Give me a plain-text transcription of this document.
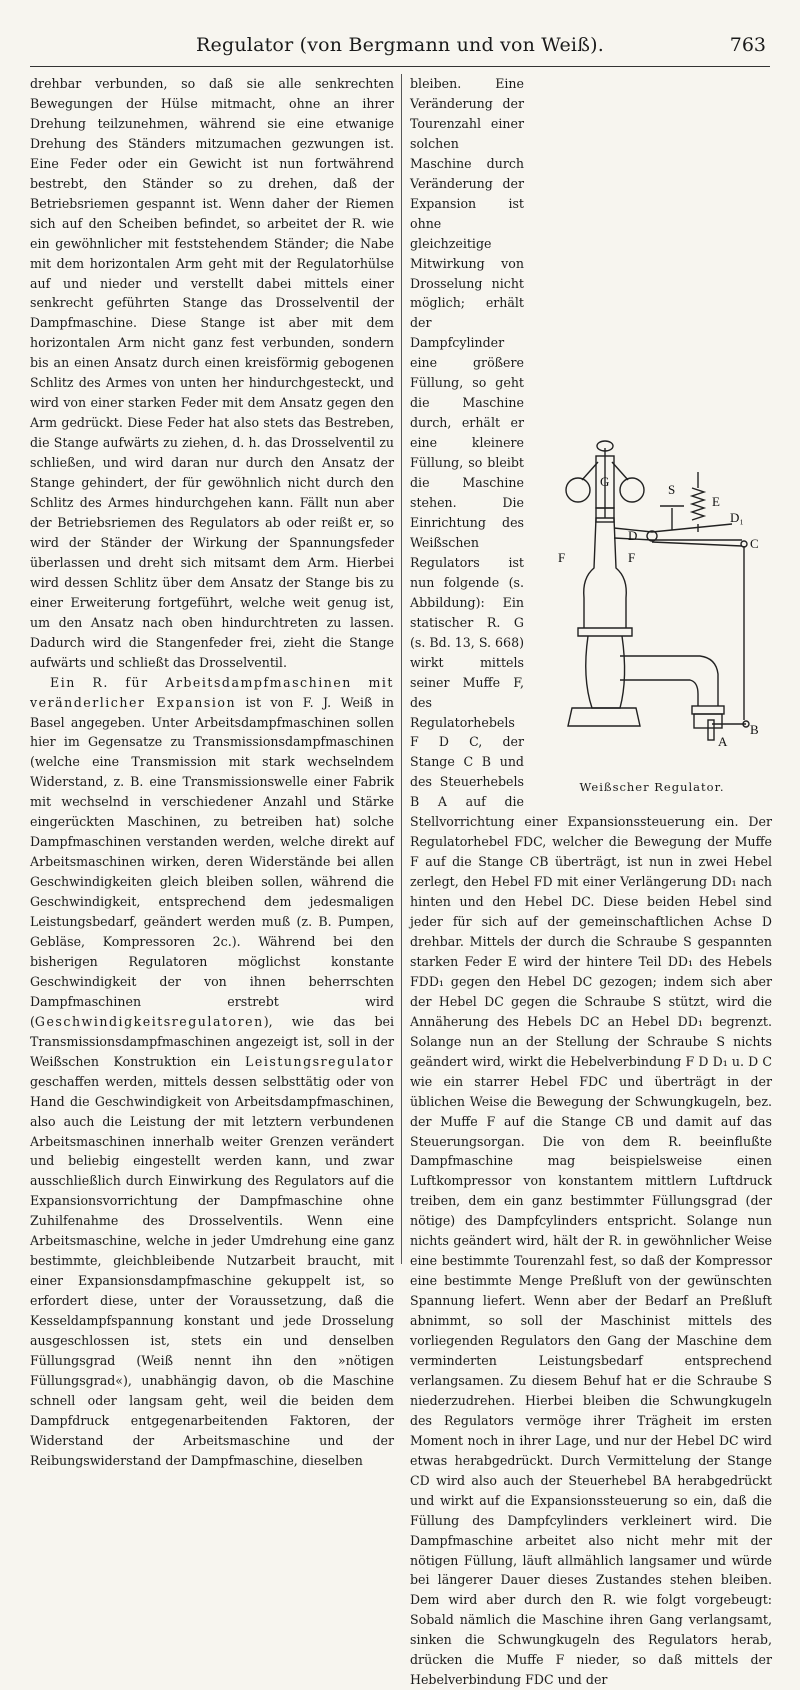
Regulator (von Bergmann und von Weiß).	763

drehbar verbunden, so daß sie alle senkrechten Bewegungen der Hülse mitmacht, ohne an ihrer Drehung teilzunehmen, während sie eine etwanige Drehung des Ständers mitzumachen gezwungen ist. Eine Feder oder ein Gewicht ist nun fortwährend bestrebt, den Ständer so zu drehen, daß der Betriebsriemen gespannt ist. Wenn daher der Riemen sich auf den Scheiben befindet, so arbeitet der R. wie ein gewöhnlicher mit feststehendem Ständer; die Nabe mit dem horizontalen Arm geht mit der Regulatorhülse auf und nieder und verstellt dabei mittels einer senkrecht geführten Stange das Drosselventil der Dampfmaschine. Diese Stange ist aber mit dem horizontalen Arm nicht ganz fest verbunden, sondern bis an einen Ansatz durch einen kreisförmig gebogenen Schlitz des Armes von unten her hindurchgesteckt, und wird von einer starken Feder mit dem Ansatz gegen den Arm gedrückt. Diese Feder hat also stets das Bestreben, die Stange aufwärts zu ziehen, d. h. das Drosselventil zu schließen, und wird daran nur durch den Ansatz der Stange gehindert, der für gewöhnlich nicht durch den Schlitz des Armes hindurchgehen kann. Fällt nun aber der Betriebsriemen des Regulators ab oder reißt er, so wird der Ständer der Wirkung der Spannungsfeder überlassen und dreht sich mitsamt dem Arm. Hierbei wird dessen Schlitz über dem Ansatz der Stange bis zu einer Erweiterung fortgeführt, welche weit genug ist, um den Ansatz nach oben hindurchtreten zu lassen. Dadurch wird die Stangenfeder frei, zieht die Stange aufwärts und schließt das Drosselventil.

Ein R. für Arbeitsdampfmaschinen mit veränderlicher Expansion ist von F. J. Weiß in Basel angegeben. Unter Arbeitsdampfmaschinen sollen hier im Gegensatze zu Transmissionsdampfmaschinen (welche eine Transmission mit stark wechselndem Widerstand, z. B. eine Transmissionswelle einer Fabrik mit wechselnd in verschiedener Anzahl und Stärke eingerückten Maschinen, zu betreiben hat) solche Dampfmaschinen verstanden werden, welche direkt auf Arbeitsmaschinen wirken, deren Widerstände bei allen Geschwindigkeiten gleich bleiben sollen, während die Geschwindigkeit, entsprechend dem jedesmaligen Leistungsbedarf, geändert werden muß (z. B. Pumpen, Gebläse, Kompressoren 2c.). Während bei den bisherigen Regulatoren möglichst konstante Geschwindigkeit der von ihnen beherrschten Dampfmaschinen erstrebt wird (Geschwindigkeitsregulatoren), wie das bei Transmissionsdampfmaschinen angezeigt ist, soll in der Weißschen Konstruktion ein Leistungsregulator geschaffen werden, mittels dessen selbsttätig oder von Hand die Geschwindigkeit von Arbeitsdampfmaschinen, also auch die Leistung der mit letztern verbundenen Arbeitsmaschinen innerhalb weiter Grenzen verändert und beliebig eingestellt werden kann, und zwar ausschließlich durch Einwirkung des Regulators auf die Expansionsvorrichtung der Dampfmaschine ohne Zuhilfenahme des Drosselventils. Wenn eine Arbeitsmaschine, welche in jeder Umdrehung eine ganz bestimmte, gleichbleibende Nutzarbeit braucht, mit einer Expansionsdampfmaschine gekuppelt ist, so erfordert diese, unter der Voraussetzung, daß die Kesseldampfspannung konstant und jede Drosselung ausgeschlossen ist, stets ein und denselben Füllungsgrad (Weiß nennt ihn den »nötigen Füllungsgrad«), unabhängig davon, ob die Maschine schnell oder langsam geht, weil die beiden dem Dampfdruck entgegenarbeitenden Faktoren, der Widerstand der Arbeitsmaschine und der Reibungswiderstand der Dampfmaschine, dieselben

G
S
E
D₁
D
C
F	F
A
B
Weißscher Regulator.

bleiben. Eine Veränderung der Tourenzahl einer solchen Maschine durch Veränderung der Expansion ist ohne gleichzeitige Mitwirkung von Drosselung nicht möglich; erhält der Dampfcylinder eine größere Füllung, so geht die Maschine durch, erhält er eine kleinere Füllung, so bleibt die Maschine stehen. Die Einrichtung des Weißschen Regulators ist nun folgende (s. Abbildung): Ein statischer R. G (s. Bd. 13, S. 668) wirkt mittels seiner Muffe F, des Regulatorhebels F D C, der Stange C B und des Steuerhebels B A auf die Stellvorrichtung einer Expansionssteuerung ein. Der Regulatorhebel FDC, welcher die Bewegung der Muffe F auf die Stange CB überträgt, ist nun in zwei Hebel zerlegt, den Hebel FD mit einer Verlängerung DD₁ nach hinten und den Hebel DC. Diese beiden Hebel sind jeder für sich auf der gemeinschaftlichen Achse D drehbar. Mittels der durch die Schraube S gespannten starken Feder E wird der hintere Teil DD₁ des Hebels FDD₁ gegen den Hebel DC gezogen; indem sich aber der Hebel DC gegen die Schraube S stützt, wird die Annäherung des Hebels DC an Hebel DD₁ begrenzt. Solange nun an der Stellung der Schraube S nichts geändert wird, wirkt die Hebelverbindung F D D₁ u. D C wie ein starrer Hebel FDC und überträgt in der üblichen Weise die Bewegung der Schwungkugeln, bez. der Muffe F auf die Stange CB und damit auf das Steuerungsorgan. Die von dem R. beeinflußte Dampfmaschine mag beispielsweise einen Luftkompressor von konstantem mittlern Luftdruck treiben, dem ein ganz bestimmter Füllungsgrad (der nötige) des Dampfcylinders entspricht. Solange nun nichts geändert wird, hält der R. in gewöhnlicher Weise eine bestimmte Tourenzahl fest, so daß der Kompressor eine bestimmte Menge Preßluft von der gewünschten Spannung liefert. Wenn aber der Bedarf an Preßluft abnimmt, so soll der Maschinist mittels des vorliegenden Regulators den Gang der Maschine dem verminderten Leistungsbedarf entsprechend verlangsamen. Zu diesem Behuf hat er die Schraube S niederzudrehen. Hierbei bleiben die Schwungkugeln des Regulators vermöge ihrer Trägheit im ersten Moment noch in ihrer Lage, und nur der Hebel DC wird etwas herabgedrückt. Durch Vermittelung der Stange CD wird also auch der Steuerhebel BA herabgedrückt und wirkt auf die Expansionssteuerung so ein, daß die Füllung des Dampfcylinders verkleinert wird. Die Dampfmaschine arbeitet also nicht mehr mit der nötigen Füllung, läuft allmählich langsamer und würde bei längerer Dauer dieses Zustandes stehen bleiben. Dem wird aber durch den R. wie folgt vorgebeugt: Sobald nämlich die Maschine ihren Gang verlangsamt, sinken die Schwungkugeln des Regulators herab, drücken die Muffe F nieder, so daß mittels der Hebelverbindung FDC und der
